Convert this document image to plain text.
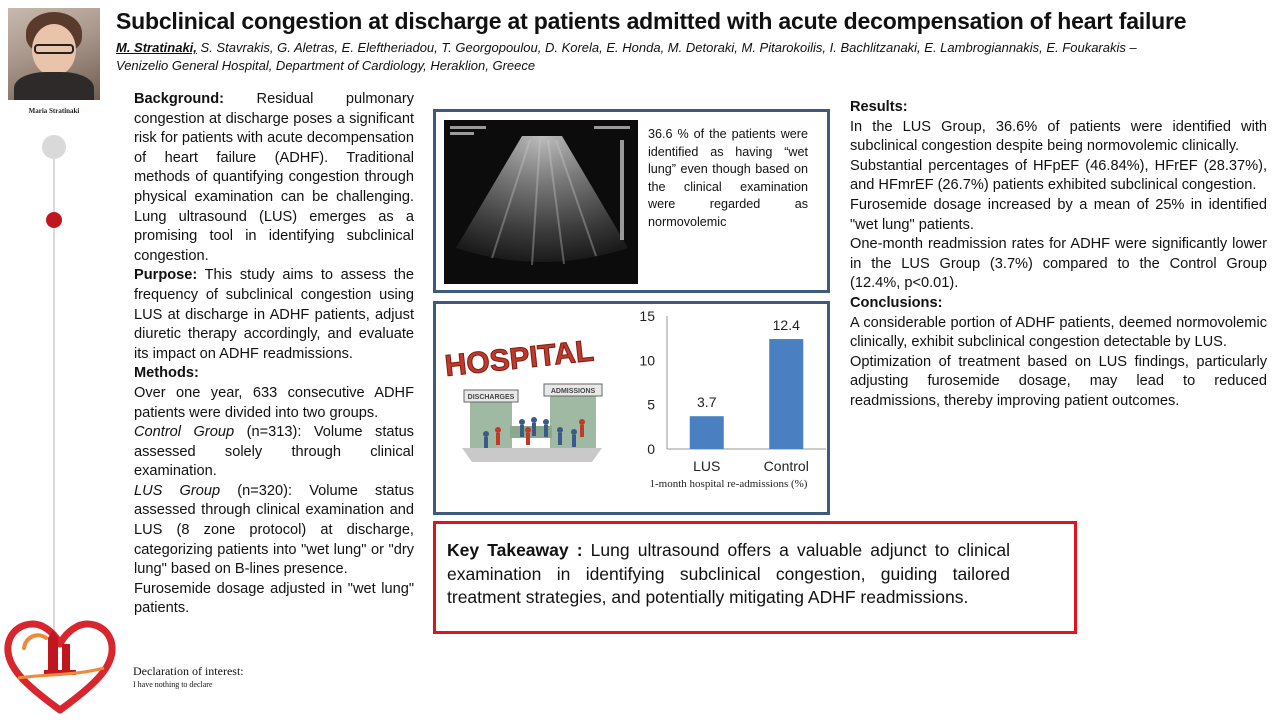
Maria Stratinaki
Subclinical congestion at discharge at patients admitted with acute decompensation of heart failure
M. Stratinaki, S. Stavrakis, G. Aletras, E. Eleftheriadou, T. Georgopoulou, D. Korela, E. Honda, M. Detoraki, M. Pitarokoilis, I. Bachlitzanaki, E. Lambrogiannakis, E. Foukarakis –
Venizelio General Hospital, Department of Cardiology, Heraklion, Greece
Declaration of interest:
I have nothing to declare

Background: Residual pulmonary congestion at discharge poses a significant risk for patients with acute decompensation of heart failure (ADHF). Traditional methods of quantifying congestion through physical examination can be challenging. Lung ultrasound (LUS) emerges as a promising tool in identifying subclinical congestion.

Purpose: This study aims to assess the frequency of subclinical congestion using LUS at discharge in ADHF patients, adjust diuretic therapy accordingly, and evaluate its impact on ADHF readmissions.

Methods:

Over one year, 633 consecutive ADHF patients were divided into two groups.

Control Group (n=313): Volume status assessed solely through clinical examination.

LUS Group (n=320): Volume status assessed through clinical examination and LUS (8 zone protocol) at discharge, categorizing patients into "wet lung" or "dry lung" based on B-lines presence.

Furosemide dosage adjusted in "wet lung" patients.

36.6 % of the patients were identified as having “wet lung” even though based on the clinical examination were regarded as normovolemic
DISCHARGES
ADMISSIONS
HOSPITAL
0
5
10
15
3.7
LUS
12.4
Control
1-month hospital re-admissions (%)

Results:

In the LUS Group, 36.6% of patients were identified with subclinical congestion despite being normovolemic clinically.

Substantial percentages of HFpEF (46.84%), HFrEF (28.37%), and HFmrEF (26.7%) patients exhibited subclinical congestion.

Furosemide dosage increased by a mean of 25% in identified "wet lung" patients.

One-month readmission rates for ADHF were significantly lower in the LUS Group (3.7%) compared to the Control Group (12.4%, p<0.01).

Conclusions:

A considerable portion of ADHF patients, deemed normovolemic clinically, exhibit subclinical congestion detectable by LUS.

Optimization of treatment based on LUS findings, particularly adjusting furosemide dosage, may lead to reduced readmissions, thereby improving patient outcomes.

Key Takeaway : Lung ultrasound offers a valuable adjunct to clinical examination in identifying subclinical congestion, guiding tailored treatment strategies, and potentially mitigating ADHF readmissions.
